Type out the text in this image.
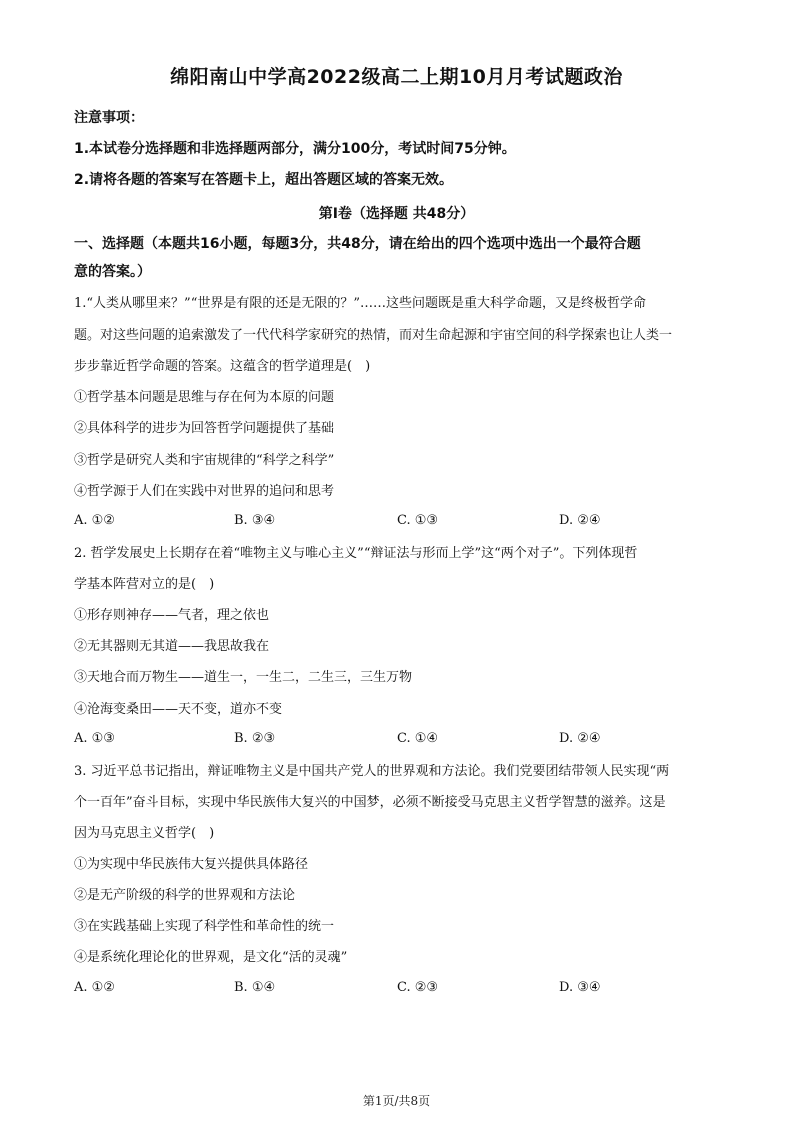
绵阳南山中学高2022级高二上期10月月考试题政治
注意事项：
1.本试卷分选择题和非选择题两部分，满分100分，考试时间75分钟。
2.请将各题的答案写在答题卡上，超出答题区域的答案无效。
第Ⅰ卷（选择题 共48分）
一、选择题（本题共16小题，每题3分，共48分，请在给出的四个选项中选出一个最符合题
意的答案。）
1.“人类从哪里来？”“世界是有限的还是无限的？”……这些问题既是重大科学命题，又是终极哲学命
题。对这些问题的追索激发了一代代科学家研究的热情，而对生命起源和宇宙空间的科学探索也让人类一
步步靠近哲学命题的答案。这蕴含的哲学道理是(　)
①哲学基本问题是思维与存在何为本原的问题
②具体科学的进步为回答哲学问题提供了基础
③哲学是研究人类和宇宙规律的“科学之科学”
④哲学源于人们在实践中对世界的追问和思考
A. ①②	B. ③④	C. ①③	D. ②④
2. 哲学发展史上长期存在着“唯物主义与唯心主义”“辩证法与形而上学”这“两个对子”。下列体现哲
学基本阵营对立的是(　)
①形存则神存——气者，理之依也
②无其器则无其道——我思故我在
③天地合而万物生——道生一，一生二，二生三，三生万物
④沧海变桑田——天不变，道亦不变
A. ①③	B. ②③	C. ①④	D. ②④
3. 习近平总书记指出，辩证唯物主义是中国共产党人的世界观和方法论。我们党要团结带领人民实现“两
个一百年”奋斗目标，实现中华民族伟大复兴的中国梦，必须不断接受马克思主义哲学智慧的滋养。这是
因为马克思主义哲学(　)
①为实现中华民族伟大复兴提供具体路径
②是无产阶级的科学的世界观和方法论
③在实践基础上实现了科学性和革命性的统一
④是系统化理论化的世界观，是文化“活的灵魂”
A. ①②	B. ①④	C. ②③	D. ③④
第1页/共8页
